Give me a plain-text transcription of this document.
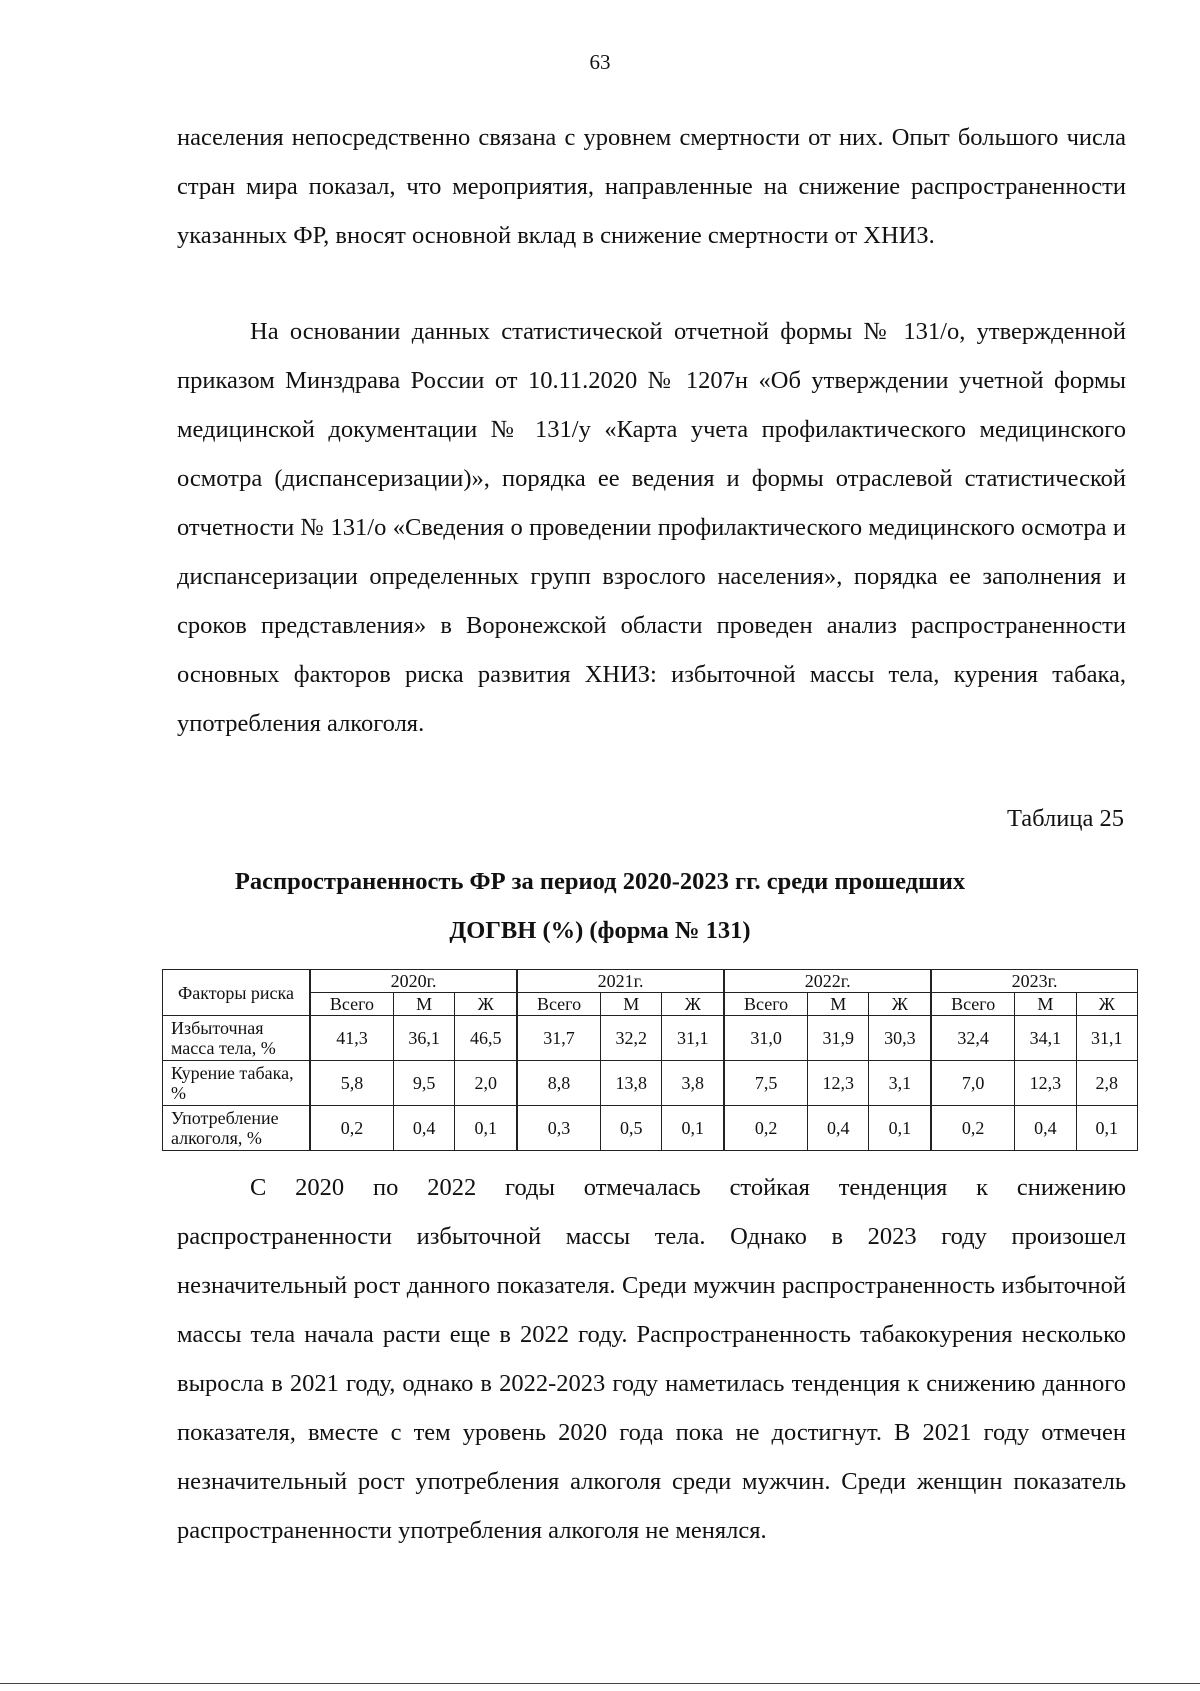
63

населения непосредственно связана с уровнем смертности от них. Опыт большого числа стран мира показал, что мероприятия, направленные на снижение распространенности указанных ФР, вносят основной вклад в снижение смертности от ХНИЗ.

На основании данных статистической отчетной формы № 131/о, утвержденной приказом Минздрава России от 10.11.2020 № 1207н «Об утверждении учетной формы медицинской документации № 131/у «Карта учета профилактического медицинского осмотра (диспансеризации)», порядка ее ведения и формы отраслевой статистической отчетности № 131/о «Сведения о проведении профилактического медицинского осмотра и диспансеризации определенных групп взрослого населения», порядка ее заполнения и сроков представления» в Воронежской области проведен анализ распространенности основных факторов риска развития ХНИЗ: избыточной массы тела, курения табака, употребления алкоголя.

Таблица 25
Распространенность ФР за период 2020-2023 гг. среди прошедших
ДОГВН (%) (форма № 131)
Факторы риска	2020г.			2021г.			2022г.			2023г.		
	Всего	М	Ж	Всего	М	Ж	Всего	М	Ж	Всего	М	Ж
Избыточная масса тела, %	41,3	36,1	46,5	31,7	32,2	31,1	31,0	31,9	30,3	32,4	34,1	31,1
Курение табака, %	5,8	9,5	2,0	8,8	13,8	3,8	7,5	12,3	3,1	7,0	12,3	2,8
Употребление алкоголя, %	0,2	0,4	0,1	0,3	0,5	0,1	0,2	0,4	0,1	0,2	0,4	0,1

С 2020 по 2022 годы отмечалась стойкая тенденция к снижению распространенности избыточной массы тела. Однако в 2023 году произошел незначительный рост данного показателя. Среди мужчин распространенность избыточной массы тела начала расти еще в 2022 году. Распространенность табакокурения несколько выросла в 2021 году, однако в 2022-2023 году наметилась тенденция к снижению данного показателя, вместе с тем уровень 2020 года пока не достигнут. В 2021 году отмечен незначительный рост употребления алкоголя среди мужчин. Среди женщин показатель распространенности употребления алкоголя не менялся.
